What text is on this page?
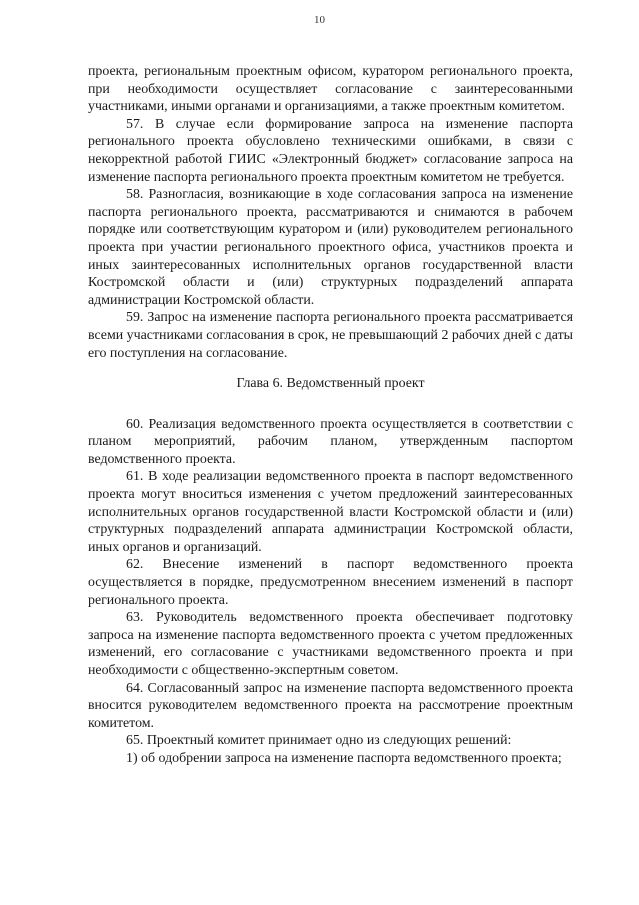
10

проекта, региональным проектным офисом, куратором регионального проекта, при необходимости осуществляет согласование с заинтересованными участниками, иными органами и организациями, а также проектным комитетом.

57. В случае если формирование запроса на изменение паспорта регионального проекта обусловлено техническими ошибками, в связи с некорректной работой ГИИС «Электронный бюджет» согласование запроса на изменение паспорта регионального проекта проектным комитетом не требуется.

58. Разногласия, возникающие в ходе согласования запроса на изменение паспорта регионального проекта, рассматриваются и снимаются в рабочем порядке или соответствующим куратором и (или) руководителем регионального проекта при участии регионального проектного офиса, участников проекта и иных заинтересованных исполнительных органов государственной власти Костромской области и (или) структурных подразделений аппарата администрации Костромской области.

59. Запрос на изменение паспорта регионального проекта рассматривается всеми участниками согласования в срок, не превышающий 2 рабочих дней с даты его поступления на согласование.

Глава 6. Ведомственный проект

60. Реализация ведомственного проекта осуществляется в соответствии с планом мероприятий, рабочим планом, утвержденным паспортом ведомственного проекта.

61. В ходе реализации ведомственного проекта в паспорт ведомственного проекта могут вноситься изменения с учетом предложений заинтересованных исполнительных органов государственной власти Костромской области и (или) структурных подразделений аппарата администрации Костромской области, иных органов и организаций.

62. Внесение изменений в паспорт ведомственного проекта осуществляется в порядке, предусмотренном внесением изменений в паспорт регионального проекта.

63. Руководитель ведомственного проекта обеспечивает подготовку запроса на изменение паспорта ведомственного проекта с учетом предложенных изменений, его согласование с участниками ведомственного проекта и при необходимости с общественно-экспертным советом.

64. Согласованный запрос на изменение паспорта ведомственного проекта вносится руководителем ведомственного проекта на рассмотрение проектным комитетом.

65. Проектный комитет принимает одно из следующих решений:

1) об одобрении запроса на изменение паспорта ведомственного проекта;
